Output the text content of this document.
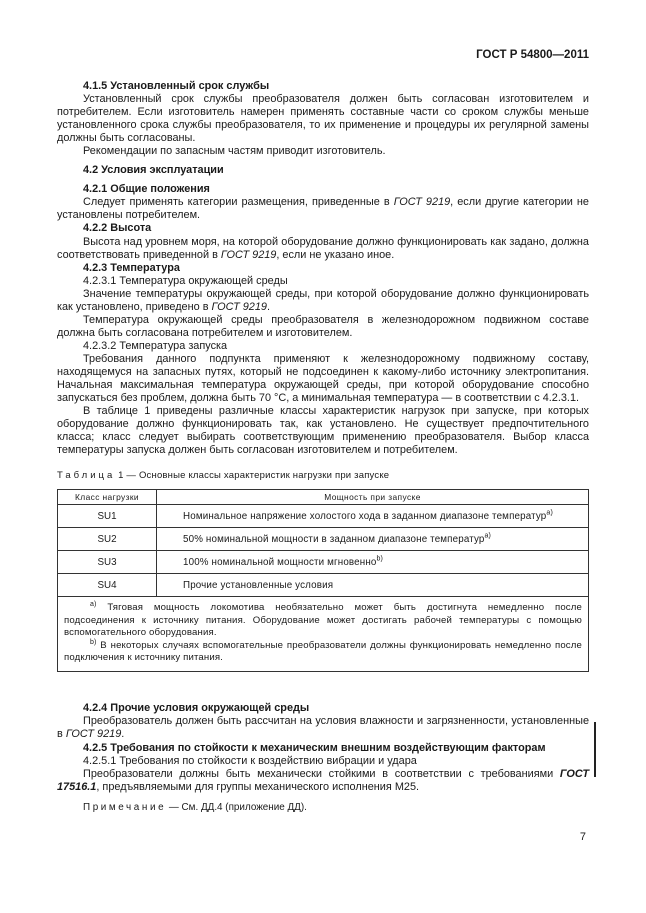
ГОСТ Р 54800—2011

4.1.5 Установленный срок службы

Установленный срок службы преобразователя должен быть согласован изготовителем и потребителем. Если изготовитель намерен применять составные части со сроком службы меньше установленного срока службы преобразователя, то их применение и процедуры их регулярной замены должны быть согласованы.

Рекомендации по запасным частям приводит изготовитель.

4.2 Условия эксплуатации

4.2.1 Общие положения

Следует применять категории размещения, приведенные в ГОСТ 9219, если другие категории не установлены потребителем.

4.2.2 Высота

Высота над уровнем моря, на которой оборудование должно функционировать как задано, должна соответствовать приведенной в ГОСТ 9219, если не указано иное.

4.2.3 Температура

4.2.3.1 Температура окружающей среды

Значение температуры окружающей среды, при которой оборудование должно функционировать как установлено, приведено в ГОСТ 9219.

Температура окружающей среды преобразователя в железнодорожном подвижном составе должна быть согласована потребителем и изготовителем.

4.2.3.2 Температура запуска

Требования данного подпункта применяют к железнодорожному подвижному составу, находящемуся на запасных путях, который не подсоединен к какому-либо источнику электропитания. Начальная максимальная температура окружающей среды, при которой оборудование способно запускаться без проблем, должна быть 70 °C, а минимальная температура — в соответствии с 4.2.3.1.

В таблице 1 приведены различные классы характеристик нагрузок при запуске, при которых оборудование должно функционировать так, как установлено. Не существует предпочтительного класса; класс следует выбирать соответствующим применению преобразователя. Выбор класса температуры запуска должен быть согласован изготовителем и потребителем.

Таблица 1 — Основные классы характеристик нагрузки при запуске

Класс нагрузки	Мощность при запуске
SU1	Номинальное напряжение холостого хода в заданном диапазоне температур$^{a)}$
SU2	50% номинальной мощности в заданном диапазоне температур$^{a)}$
SU3	100% номинальной мощности мгновенно$^{b)}$
SU4	Прочие установленные условия

$^{a)}$ Тяговая мощность локомотива необязательно может быть достигнута немедленно после подсоединения к источнику питания. Оборудование может достигать рабочей температуры с помощью вспомогательного оборудования.
$^{b)}$ В некоторых случаях вспомогательные преобразователи должны функционировать немедленно после подключения к источнику питания.	

4.2.4 Прочие условия окружающей среды

Преобразователь должен быть рассчитан на условия влажности и загрязненности, установленные в ГОСТ 9219.

4.2.5 Требования по стойкости к механическим внешним воздействующим факторам

4.2.5.1 Требования по стойкости к воздействию вибрации и удара

Преобразователи должны быть механически стойкими в соответствии с требованиями ГОСТ 17516.1, предъявляемыми для группы механического исполнения М25.

Примечание — См. ДД.4 (приложение ДД).

7
